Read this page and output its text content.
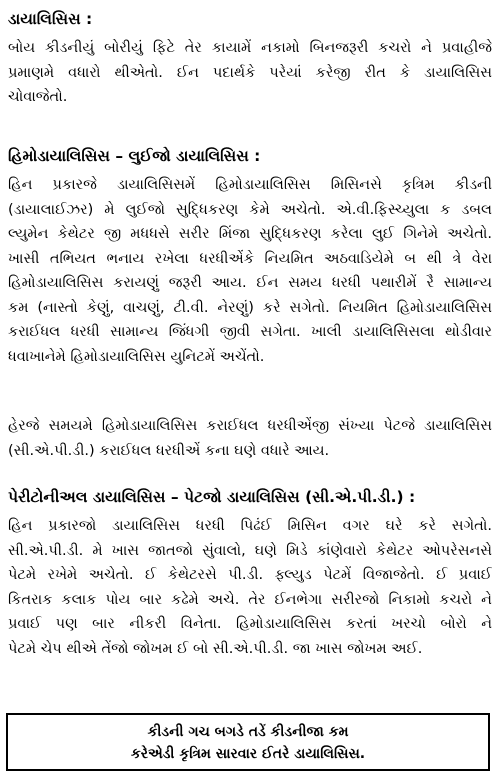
ડાયાલિસિસ :
બોય કીડનીયું બોરીયું ફિટે તેર કાયામેં નકામો બિનજરૂરી કચરો ને પ્રવાહીજે
પ્રમાણમે વધારો થીએતો. ઈન પદાર્થકે પરેયાં કરેજી રીત કે ડાયાલિસિસ
ચોવાજેતો.
હિમોડાયાલિસિસ – લુઈજો ડાયાલિસિસ :
હિન પ્રકારજે ડાયાલિસિસમેં હિમોડાયાલિસિસ મિસિનસે કૃત્રિમ કીડની
(ડાયાલાઈઝર) મે લુઈજો સુદ્ધિકરણ કેમે અચેતો. એ.વી.ફિસ્ચ્યુલા ક ડબલ
લ્યુમેન કેથેટર જી મધધસે સરીર મિંજા સુદ્ધિકરણ કરેલા લુઈ ગિનેમે અચેતો.
ખાસી તભિયત ભનાય રખેલા ધરધીએંકે નિયમિત અઠવાડિયેમે બ થી ત્રે વેરા
હિમોડાયાલિસિસ કરાયણું જરૂરી આય. ઈન સમય ધરધી પથારીમેં રૈ સામાન્ય
કમ (નાસ્તો કેણું, વાચણું, ટી.વી. નેરણું) કરે સગેતો. નિયમિત હિમોડાયાલિસિસ
કરાઈધલ ધરધી સામાન્ય જિંધગી જીવી સગેતા. ખાલી ડાયાલિસિસલા થોડીવાર
ધવાખાનેમે હિમોડાયાલિસિસ યુનિટમેં અચેંતો.
હેરજે સમયમે હિમોડાયાલિસિસ કરાઈધલ ધરધીએંજી સંખ્યા પેટજે ડાયાલિસિસ
(સી.એ.પી.ડી.) કરાઈધલ ધરધીએં કના ઘણે વધારે આય.
પેરીટોનીઅલ ડાયાલિસિસ – પેટજો ડાયાલિસિસ (સી.એ.પી.ડી.) :
હિન પ્રકારજો ડાયાલિસિસ ધરધી પિઢંઈ મિસિન વગર ઘરે કરે સગેતો.
સી.એ.પી.ડી. મે ખાસ જાતજો સુંવાલો, ઘણે મિડે કાંણેવારો કેથેટર ઓપરેસનસે
પેટમે રખેમે અચેતો. ઈ કેથેટરસે પી.ડી. ફ્લ્યુડ પેટમેં વિજાજેતો. ઈ પ્રવાઈ
કિતરાક કલાક પોય બાર કઢેમે અચે. તેર ઈનભેગા સરીરજો નિકામો કચરો ને
પ્રવાઈ પણ બાર નીકરી વિનેતા. હિમોડાયાલિસિસ કરતાં ખરચો બોરો ને
પેટમે ચેપ થીએ તેંજો જોખમ ઈ બો સી.એ.પી.ડી. જા ખાસ જોખમ અઈ.
કીડની ગચ બગડે તડેં કીડનીજા કમ
કરેએડી કૃત્રિમ સારવાર ઈતરે ડાયાલિસિસ.
